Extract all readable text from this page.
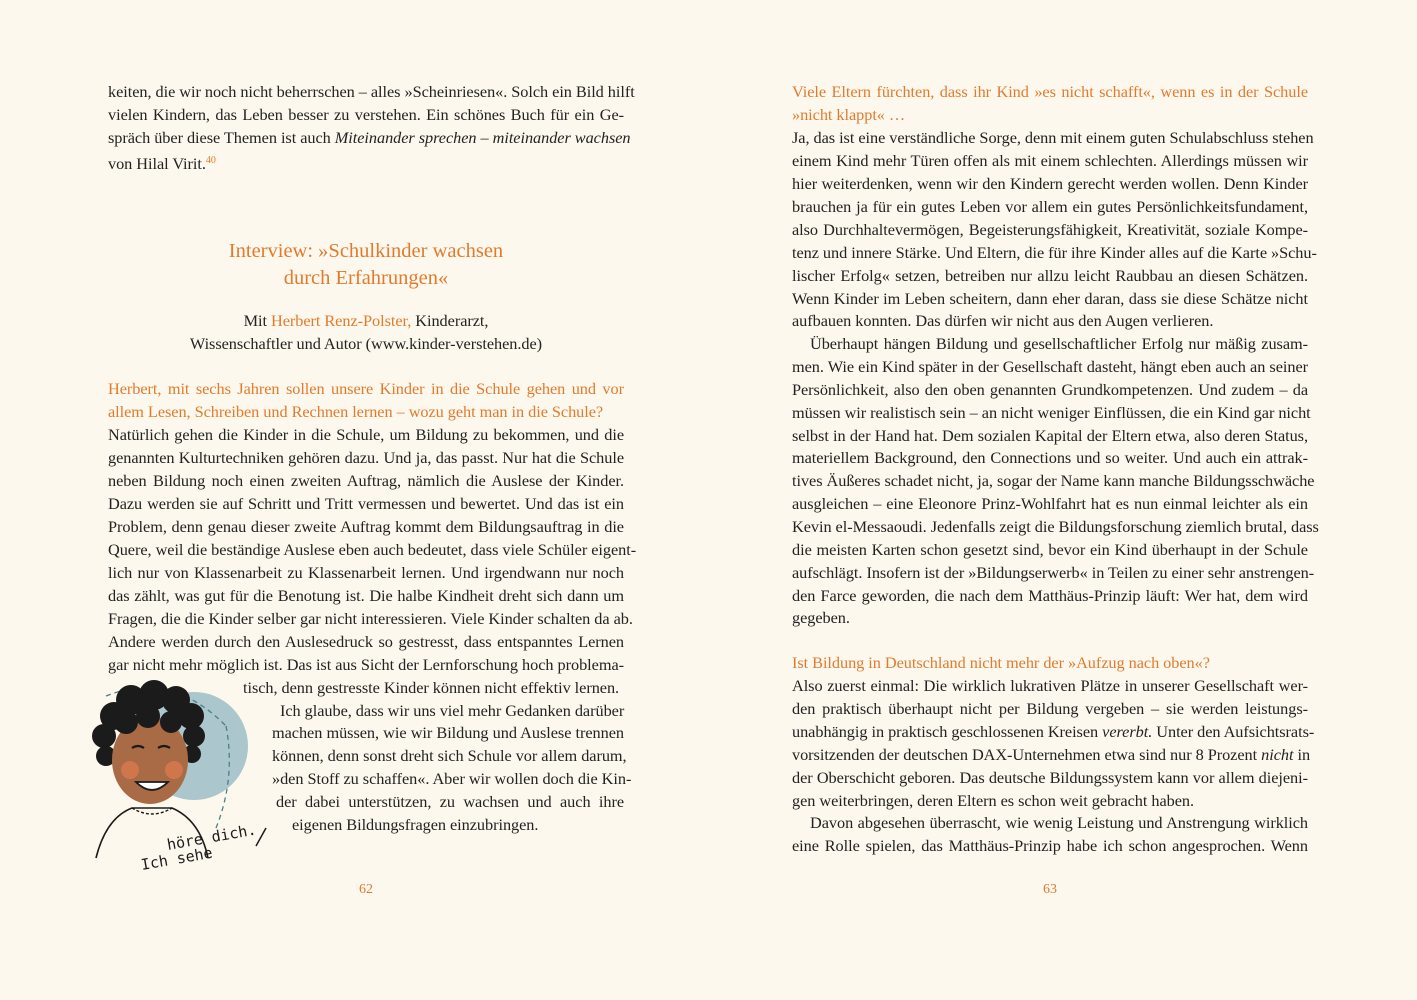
keiten, die wir noch nicht beherrschen – alles »Scheinriesen«. Solch ein Bild hilft
vielen Kindern, das Leben besser zu verstehen. Ein schönes Buch für ein Ge-
spräch über diese Themen ist auch Miteinander sprechen – miteinander wachsen
von Hilal Virit.$^{40}$
Interview: »Schulkinder wachsen
durch Erfahrungen«
Mit Herbert Renz-Polster, Kinderarzt,
Wissenschaftler und Autor (www.kinder-verstehen.de)
Herbert, mit sechs Jahren sollen unsere Kinder in die Schule gehen und vor
allem Lesen, Schreiben und Rechnen lernen – wozu geht man in die Schule?
Natürlich gehen die Kinder in die Schule, um Bildung zu bekommen, und die
genannten Kulturtechniken gehören dazu. Und ja, das passt. Nur hat die Schule
neben Bildung noch einen zweiten Auftrag, nämlich die Auslese der Kinder.
Dazu werden sie auf Schritt und Tritt vermessen und bewertet. Und das ist ein
Problem, denn genau dieser zweite Auftrag kommt dem Bildungsauftrag in die
Quere, weil die beständige Auslese eben auch bedeutet, dass viele Schüler eigent-
lich nur von Klassenarbeit zu Klassenarbeit lernen. Und irgendwann nur noch
das zählt, was gut für die Benotung ist. Die halbe Kindheit dreht sich dann um
Fragen, die die Kinder selber gar nicht interessieren. Viele Kinder schalten da ab.
Andere werden durch den Auslesedruck so gestresst, dass entspanntes Lernen
gar nicht mehr möglich ist. Das ist aus Sicht der Lernforschung hoch problema-
tisch, denn gestresste Kinder können nicht effektiv lernen.
Ich glaube, dass wir uns viel mehr Gedanken darüber
machen müssen, wie wir Bildung und Auslese trennen
können, denn sonst dreht sich Schule vor allem darum,
»den Stoff zu schaffen«. Aber wir wollen doch die Kin-
der dabei unterstützen, zu wachsen und auch ihre
eigenen Bildungsfragen einzubringen.
höre dich.
Ich sehe
62
Viele Eltern fürchten, dass ihr Kind »es nicht schafft«, wenn es in der Schule
»nicht klappt« …
Ja, das ist eine verständliche Sorge, denn mit einem guten Schulabschluss stehen
einem Kind mehr Türen offen als mit einem schlechten. Allerdings müssen wir
hier weiterdenken, wenn wir den Kindern gerecht werden wollen. Denn Kinder
brauchen ja für ein gutes Leben vor allem ein gutes Persönlichkeitsfundament,
also Durchhaltevermögen, Begeisterungsfähigkeit, Kreativität, soziale Kompe-
tenz und innere Stärke. Und Eltern, die für ihre Kinder alles auf die Karte »Schu-
lischer Erfolg« setzen, betreiben nur allzu leicht Raubbau an diesen Schätzen.
Wenn Kinder im Leben scheitern, dann eher daran, dass sie diese Schätze nicht
aufbauen konnten. Das dürfen wir nicht aus den Augen verlieren.
Überhaupt hängen Bildung und gesellschaftlicher Erfolg nur mäßig zusam-
men. Wie ein Kind später in der Gesellschaft dasteht, hängt eben auch an seiner
Persönlichkeit, also den oben genannten Grundkompetenzen. Und zudem – da
müssen wir realistisch sein – an nicht weniger Einflüssen, die ein Kind gar nicht
selbst in der Hand hat. Dem sozialen Kapital der Eltern etwa, also deren Status,
materiellem Background, den Connections und so weiter. Und auch ein attrak-
tives Äußeres schadet nicht, ja, sogar der Name kann manche Bildungsschwäche
ausgleichen – eine Eleonore Prinz-Wohlfahrt hat es nun einmal leichter als ein
Kevin el-Messaoudi. Jedenfalls zeigt die Bildungsforschung ziemlich brutal, dass
die meisten Karten schon gesetzt sind, bevor ein Kind überhaupt in der Schule
aufschlägt. Insofern ist der »Bildungserwerb« in Teilen zu einer sehr anstrengen-
den Farce geworden, die nach dem Matthäus-Prinzip läuft: Wer hat, dem wird
gegeben.
Ist Bildung in Deutschland nicht mehr der »Aufzug nach oben«?
Also zuerst einmal: Die wirklich lukrativen Plätze in unserer Gesellschaft wer-
den praktisch überhaupt nicht per Bildung vergeben – sie werden leistungs-
unabhängig in praktisch geschlossenen Kreisen vererbt. Unter den Aufsichtsrats-
vorsitzenden der deutschen DAX-Unternehmen etwa sind nur 8 Prozent nicht in
der Oberschicht geboren. Das deutsche Bildungssystem kann vor allem diejeni-
gen weiterbringen, deren Eltern es schon weit gebracht haben.
Davon abgesehen überrascht, wie wenig Leistung und Anstrengung wirklich
eine Rolle spielen, das Matthäus-Prinzip habe ich schon angesprochen. Wenn
63
